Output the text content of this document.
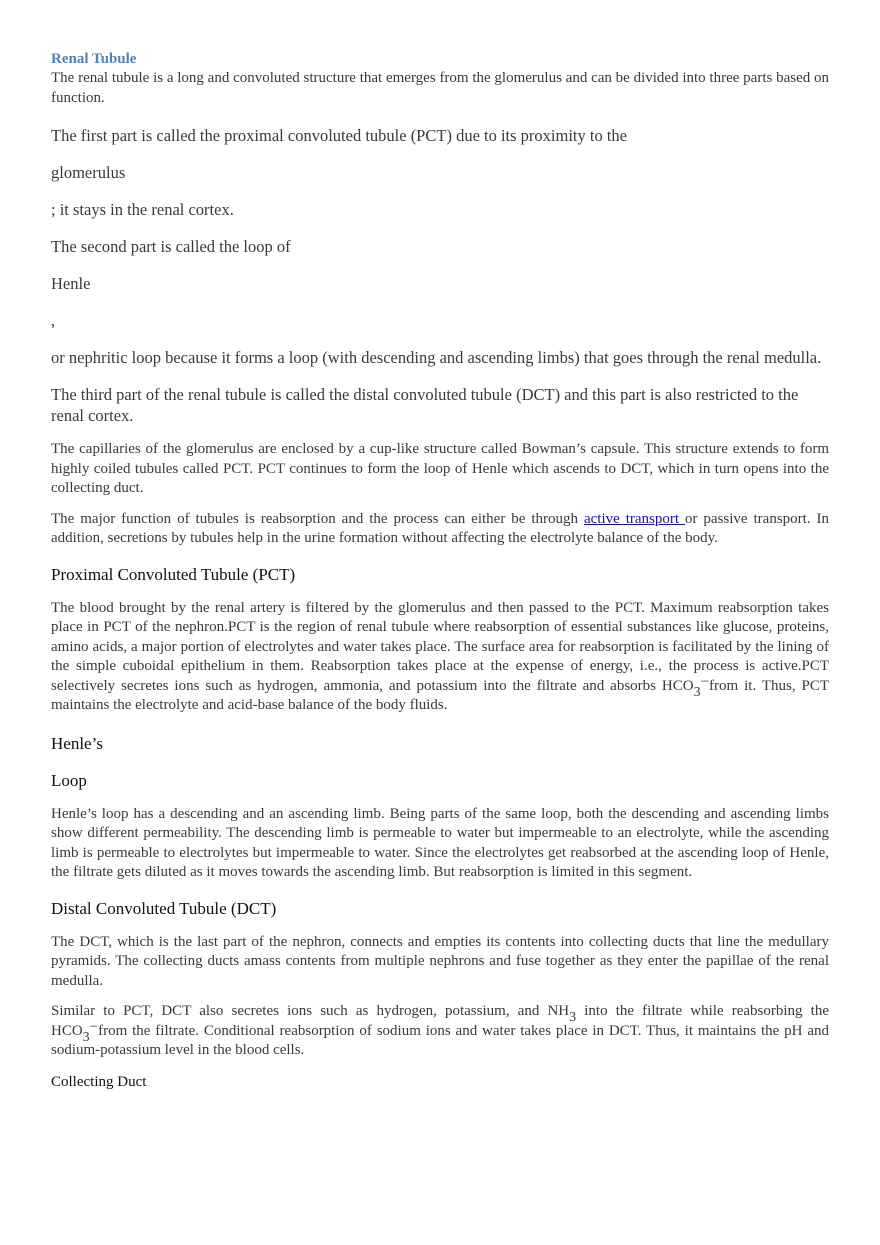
Renal Tubule

The renal tubule is a long and convoluted structure that emerges from the glomerulus and can be divided into three parts based on function.

The first part is called the proximal convoluted tubule (PCT) due to its proximity to the

glomerulus

; it stays in the renal cortex.

The second part is called the loop of

Henle

,

or nephritic loop because it forms a loop (with descending and ascending limbs) that goes through the renal medulla.

The third part of the renal tubule is called the distal convoluted tubule (DCT) and this part is also restricted to the renal cortex.

The capillaries of the glomerulus are enclosed by a cup-like structure called Bowman’s capsule. This structure extends to form highly coiled tubules called PCT. PCT continues to form the loop of Henle which ascends to DCT, which in turn opens into the collecting duct.

The major function of tubules is reabsorption and the process can either be through active transport or passive transport. In addition, secretions by tubules help in the urine formation without affecting the electrolyte balance of the body.

Proximal Convoluted Tubule (PCT)

The blood brought by the renal artery is filtered by the glomerulus and then passed to the PCT. Maximum reabsorption takes place in PCT of the nephron.PCT is the region of renal tubule where reabsorption of essential substances like glucose, proteins, amino acids, a major portion of electrolytes and water takes place. The surface area for reabsorption is facilitated by the lining of the simple cuboidal epithelium in them. Reabsorption takes place at the expense of energy, i.e., the process is active.PCT selectively secretes ions such as hydrogen, ammonia, and potassium into the filtrate and absorbs HCO3−from it. Thus, PCT maintains the electrolyte and acid-base balance of the body fluids.

Henle’s

Loop

Henle’s loop has a descending and an ascending limb. Being parts of the same loop, both the descending and ascending limbs show different permeability. The descending limb is permeable to water but impermeable to an electrolyte, while the ascending limb is permeable to electrolytes but impermeable to water. Since the electrolytes get reabsorbed at the ascending loop of Henle, the filtrate gets diluted as it moves towards the ascending limb. But reabsorption is limited in this segment.

Distal Convoluted Tubule (DCT)

The DCT, which is the last part of the nephron, connects and empties its contents into collecting ducts that line the medullary pyramids. The collecting ducts amass contents from multiple nephrons and fuse together as they enter the papillae of the renal medulla.

Similar to PCT, DCT also secretes ions such as hydrogen, potassium, and NH3 into the filtrate while reabsorbing the HCO3−from the filtrate. Conditional reabsorption of sodium ions and water takes place in DCT. Thus, it maintains the pH and sodium-potassium level in the blood cells.

Collecting Duct
